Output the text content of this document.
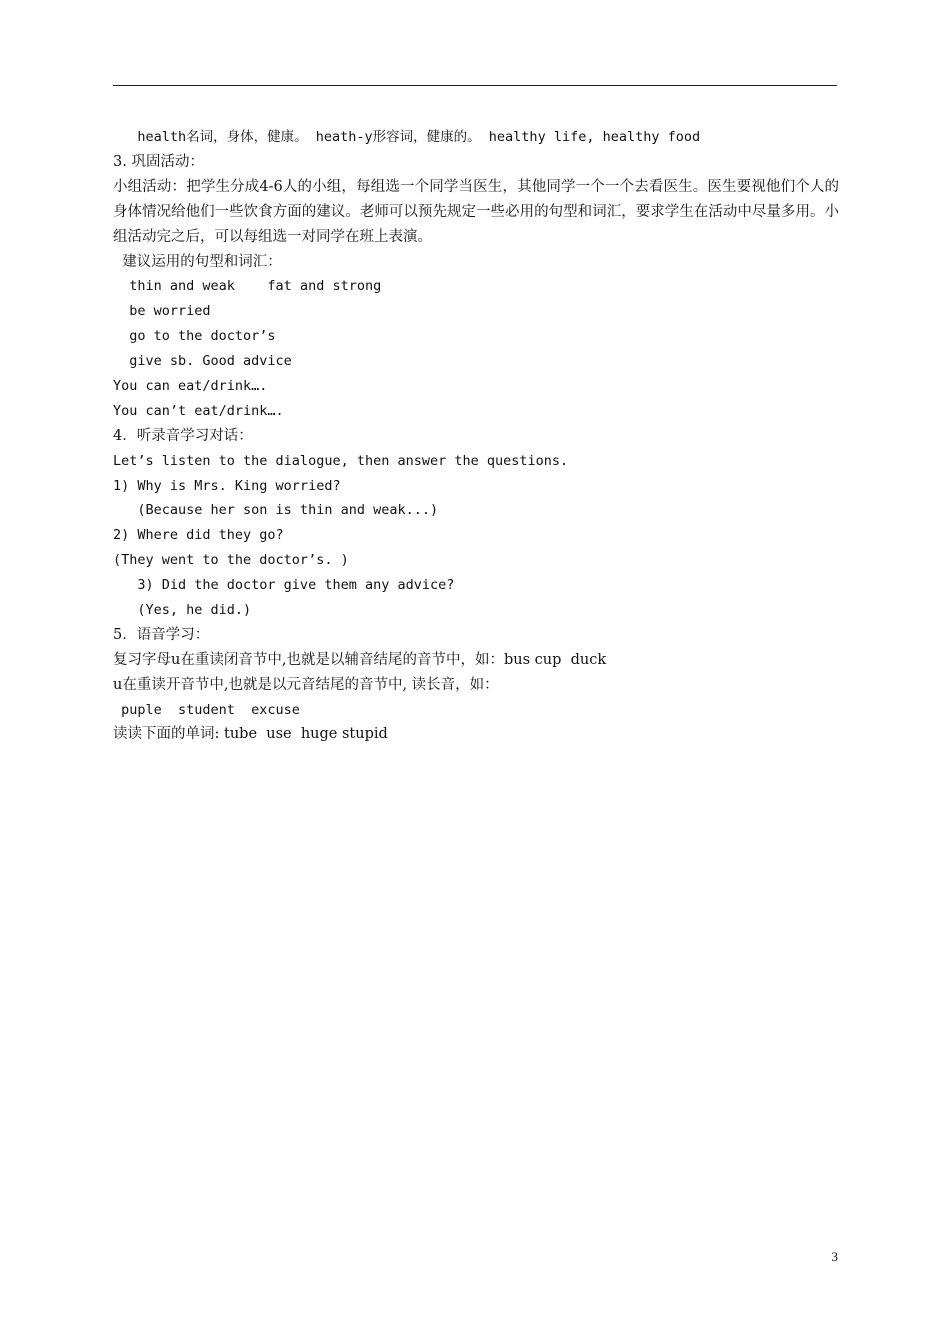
health名词，身体，健康。 heath-y形容词，健康的。 healthy life, healthy food
3. 巩固活动：
小组活动：把学生分成4-6人的小组，每组选一个同学当医生，其他同学一个一个去看医生。医生要视他们个人的身体情况给他们一些饮食方面的建议。老师可以预先规定一些必用的句型和词汇，要求学生在活动中尽量多用。小组活动完之后，可以每组选一对同学在班上表演。
建议运用的句型和词汇：
thin and weak    fat and strong
be worried
go to the doctor’s
give sb. Good advice
You can eat/drink….
You can’t eat/drink….
4．听录音学习对话：
Let’s listen to the dialogue, then answer the questions.
1) Why is Mrs. King worried?
(Because her son is thin and weak...)
2) Where did they go?
(They went to the doctor’s. )
3) Did the doctor give them any advice?
(Yes, he did.)
5．语音学习：
复习字母u在重读闭音节中,也就是以辅音结尾的音节中，如：bus cup  duck
u在重读开音节中,也就是以元音结尾的音节中, 读长音，如：
puple  student  excuse
读读下面的单词: tube  use  huge stupid
3
